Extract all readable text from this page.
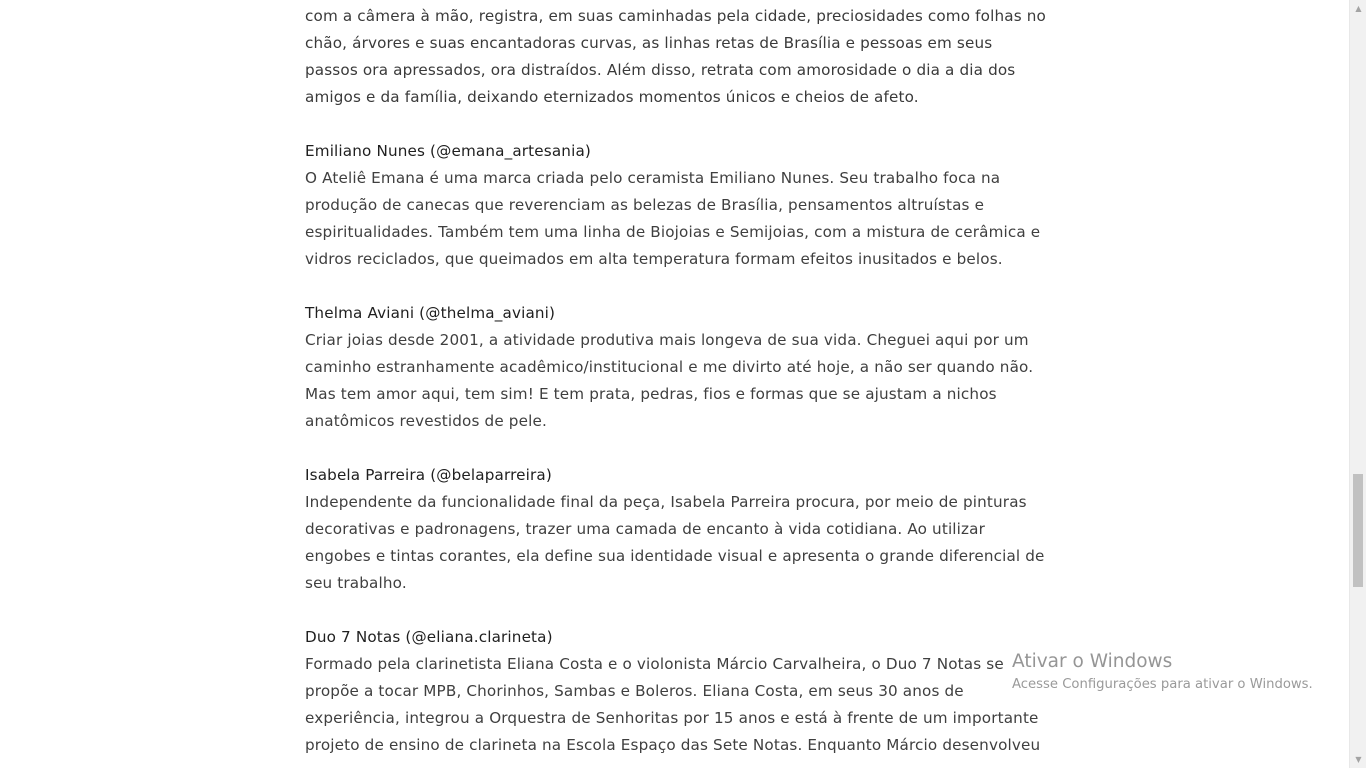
com a câmera à mão, registra, em suas caminhadas pela cidade, preciosidades como folhas no chão, árvores e suas encantadoras curvas, as linhas retas de Brasília e pessoas em seus passos ora apressados, ora distraídos. Além disso, retrata com amorosidade o dia a dia dos amigos e da família, deixando eternizados momentos únicos e cheios de afeto.

Emiliano Nunes (@emana_artesania)

O Ateliê Emana é uma marca criada pelo ceramista Emiliano Nunes. Seu trabalho foca na produção de canecas que reverenciam as belezas de Brasília, pensamentos altruístas e espiritualidades. Também tem uma linha de Biojoias e Semijoias, com a mistura de cerâmica e vidros reciclados, que queimados em alta temperatura formam efeitos inusitados e belos.

Thelma Aviani (@thelma_aviani)

Criar joias desde 2001, a atividade produtiva mais longeva de sua vida. Cheguei aqui por um caminho estranhamente acadêmico/institucional e me divirto até hoje, a não ser quando não. Mas tem amor aqui, tem sim! E tem prata, pedras, fios e formas que se ajustam a nichos anatômicos revestidos de pele.

Isabela Parreira (@belaparreira)

Independente da funcionalidade final da peça, Isabela Parreira procura, por meio de pinturas decorativas e padronagens, trazer uma camada de encanto à vida cotidiana. Ao utilizar engobes e tintas corantes, ela define sua identidade visual e apresenta o grande diferencial de seu trabalho.

Duo 7 Notas (@eliana.clarineta)

Formado pela clarinetista Eliana Costa e o violonista Márcio Carvalheira, o Duo 7 Notas se propõe a tocar MPB, Chorinhos, Sambas e Boleros. Eliana Costa, em seus 30 anos de experiência, integrou a Orquestra de Senhoritas por 15 anos e está à frente de um importante projeto de ensino de clarineta na Escola Espaço das Sete Notas. Enquanto Márcio desenvolveu

Ativar o Windows
Acesse Configurações para ativar o Windows.
▲
▼
